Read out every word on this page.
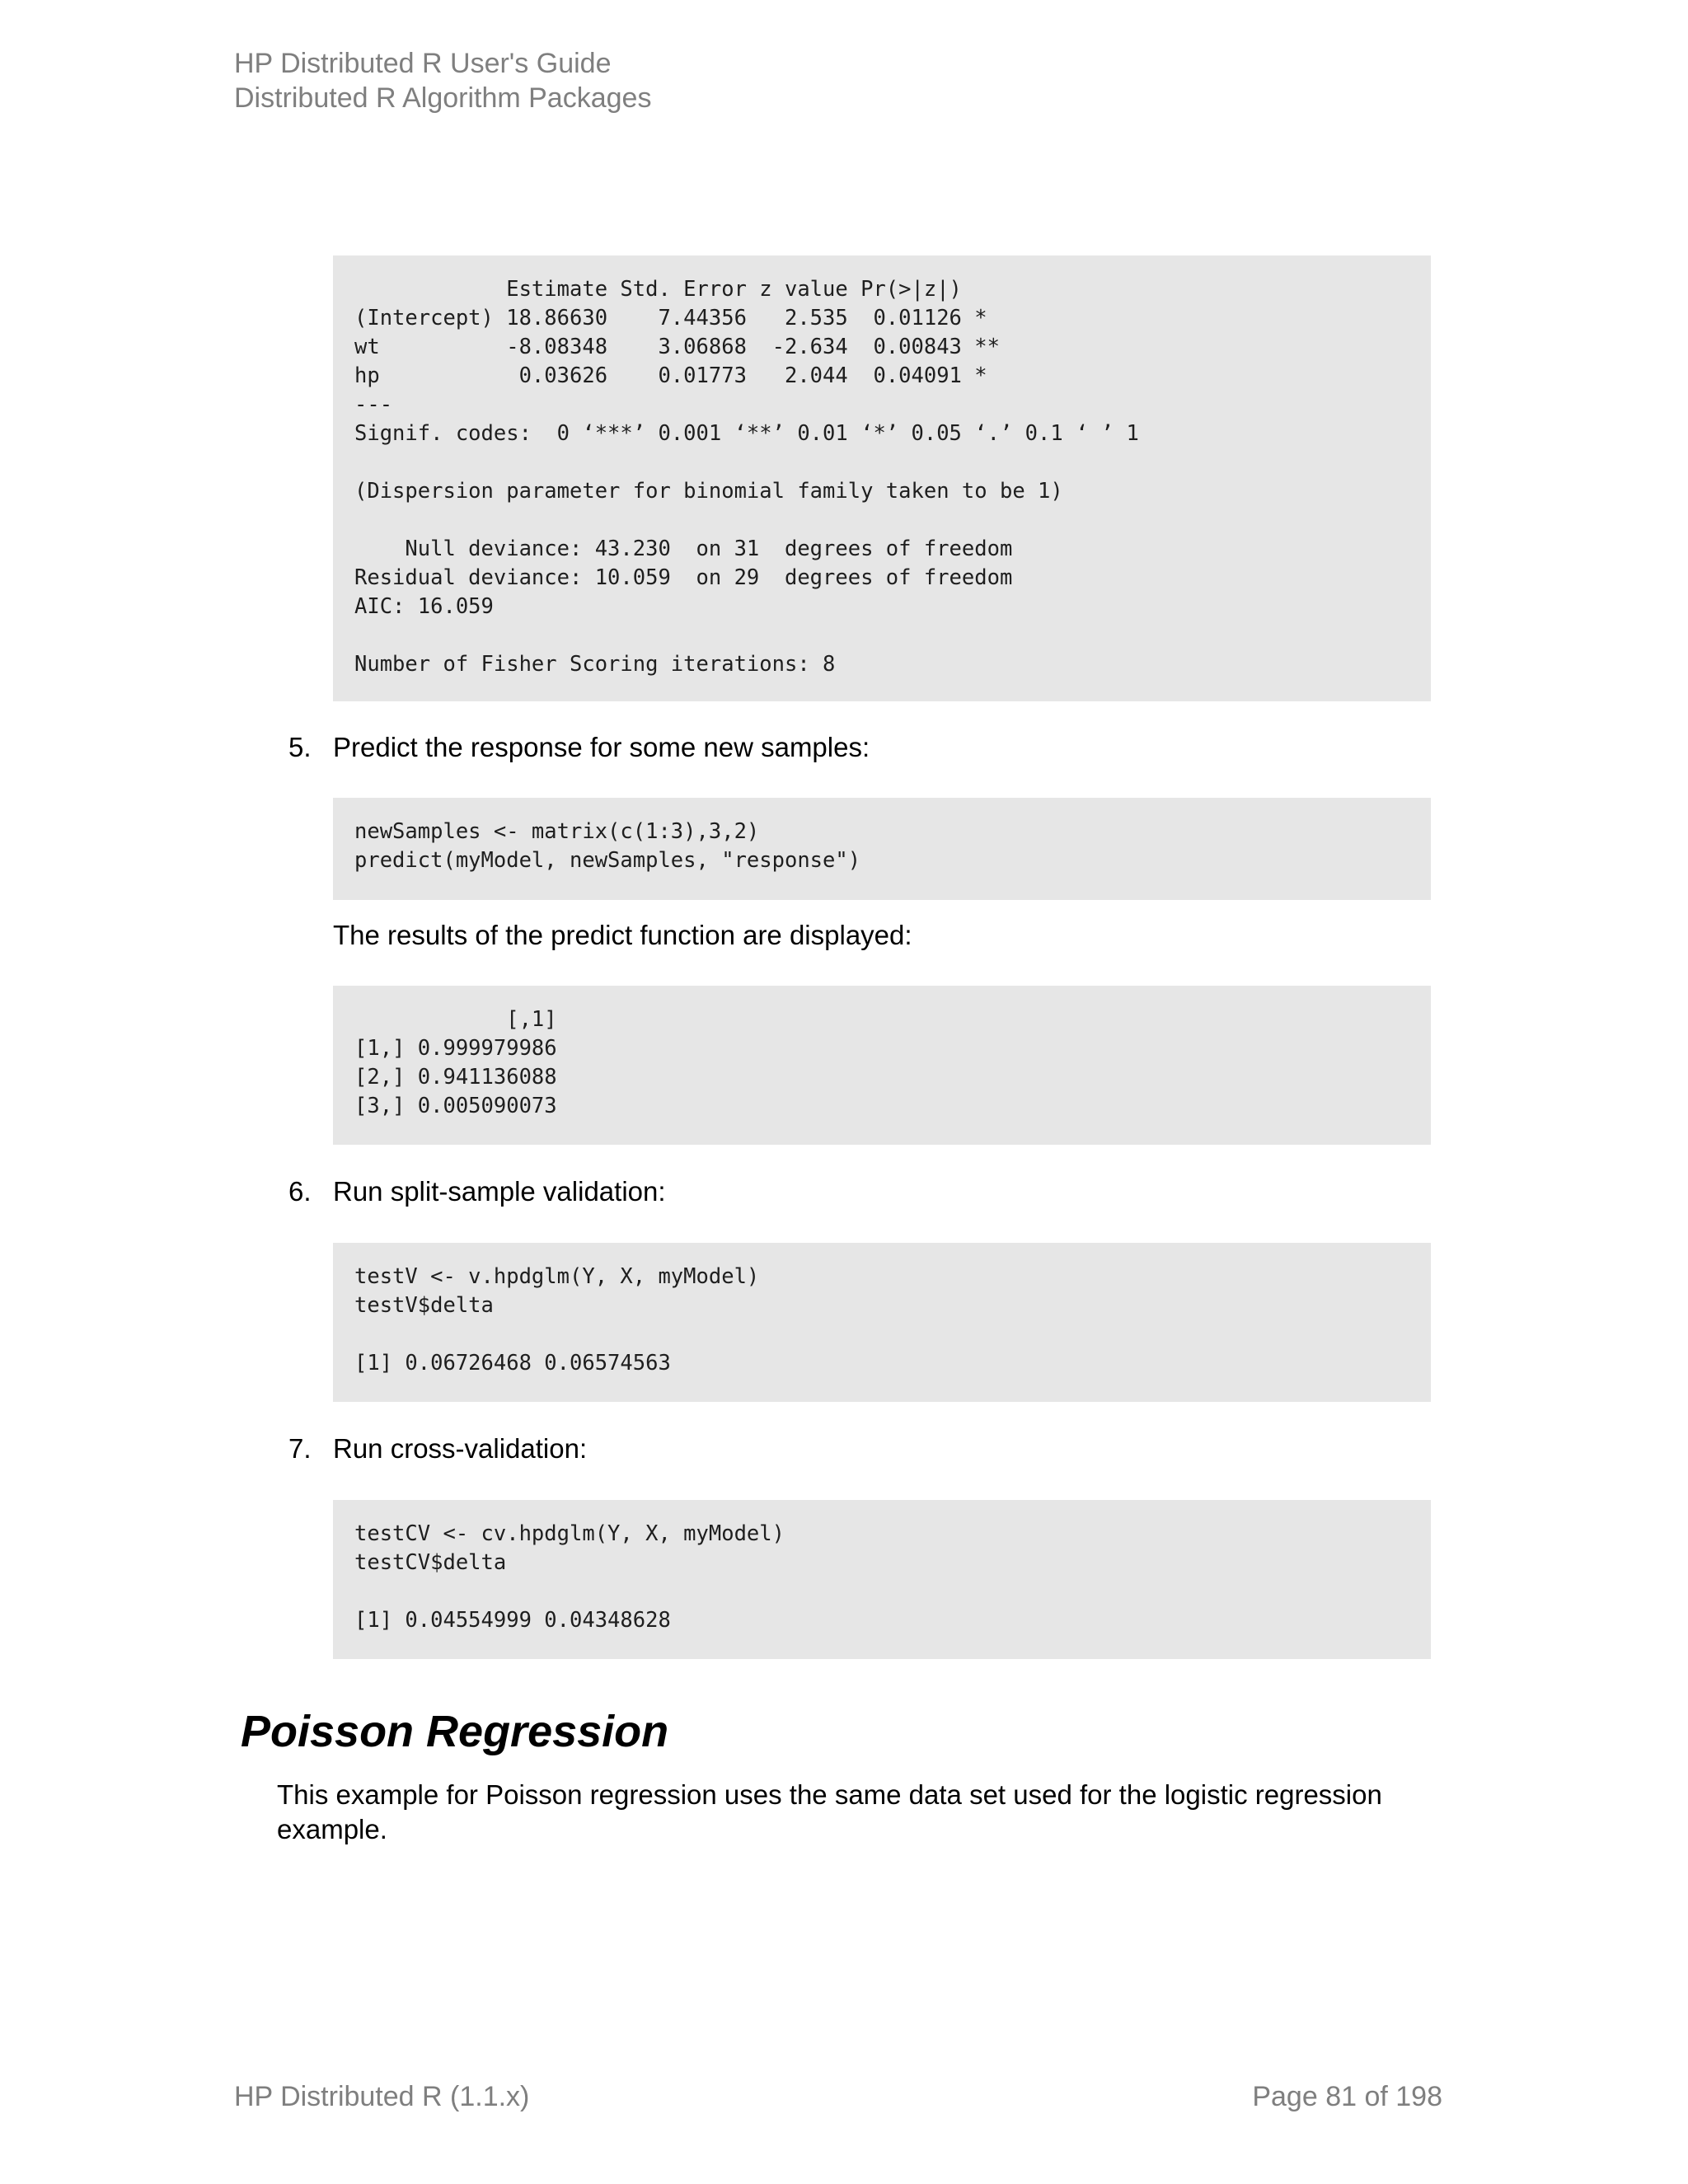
HP Distributed R User's Guide
Distributed R Algorithm Packages
Estimate Std. Error z value Pr(>|z|)
(Intercept) 18.86630    7.44356   2.535  0.01126 *
wt          -8.08348    3.06868  -2.634  0.00843 **
hp           0.03626    0.01773   2.044  0.04091 *
---
Signif. codes:  0 ‘***’ 0.001 ‘**’ 0.01 ‘*’ 0.05 ‘.’ 0.1 ‘ ’ 1

(Dispersion parameter for binomial family taken to be 1)

Null deviance: 43.230  on 31  degrees of freedom
Residual deviance: 10.059  on 29  degrees of freedom
AIC: 16.059

Number of Fisher Scoring iterations: 8
5. Predict the response for some new samples:
newSamples <- matrix(c(1:3),3,2)
predict(myModel, newSamples, "response")
The results of the predict function are displayed:
[,1]
[1,] 0.999979986
[2,] 0.941136088
[3,] 0.005090073
6. Run split-sample validation:
testV <- v.hpdglm(Y, X, myModel)
testV$delta

[1] 0.06726468 0.06574563
7. Run cross-validation:
testCV <- cv.hpdglm(Y, X, myModel)
testCV$delta

[1] 0.04554999 0.04348628
Poisson Regression
This example for Poisson regression uses the same data set used for the logistic regression example.
HP Distributed R (1.1.x)	Page 81 of 198
